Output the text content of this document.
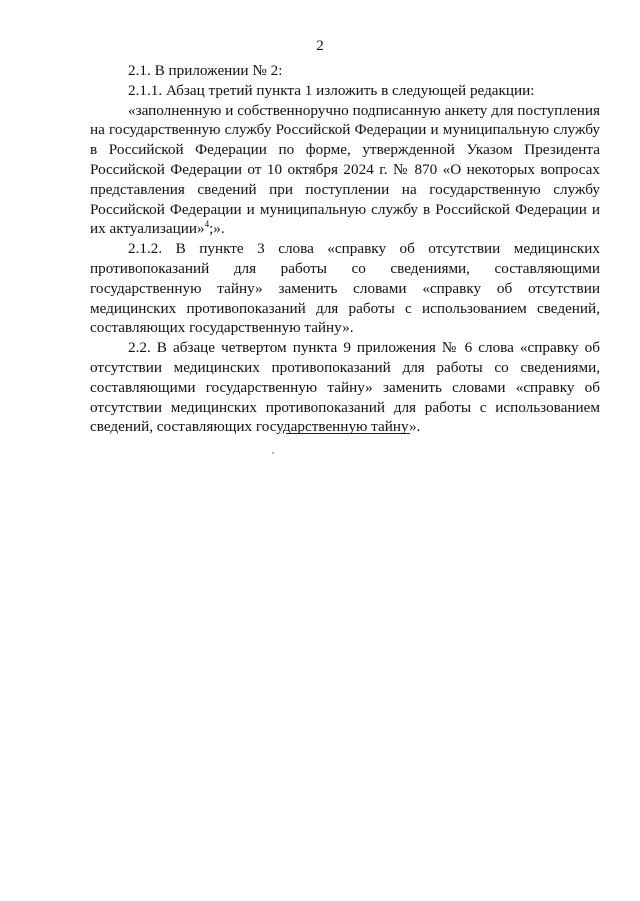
2

2.1. В приложении № 2:

2.1.1. Абзац третий пункта 1 изложить в следующей редакции:

«заполненную и собственноручно подписанную анкету для поступления на государственную службу Российской Федерации и муниципальную службу в Российской Федерации по форме, утвержденной Указом Президента Российской Федерации от 10 октября 2024 г. № 870 «О некоторых вопросах представления сведений при поступлении на государственную службу Российской Федерации и муниципальную службу в Российской Федерации и их актуализации»$^4$;».

2.1.2. В пункте 3 слова «справку об отсутствии медицинских противопоказаний для работы со сведениями, составляющими государственную тайну» заменить словами «справку об отсутствии медицинских противопоказаний для работы с использованием сведений, составляющих государственную тайну».

2.2. В абзаце четвертом пункта 9 приложения № 6 слова «справку об отсутствии медицинских противопоказаний для работы со сведениями, составляющими государственную тайну» заменить словами «справку об отсутствии медицинских противопоказаний для работы с использованием сведений, составляющих государственную тайну».
